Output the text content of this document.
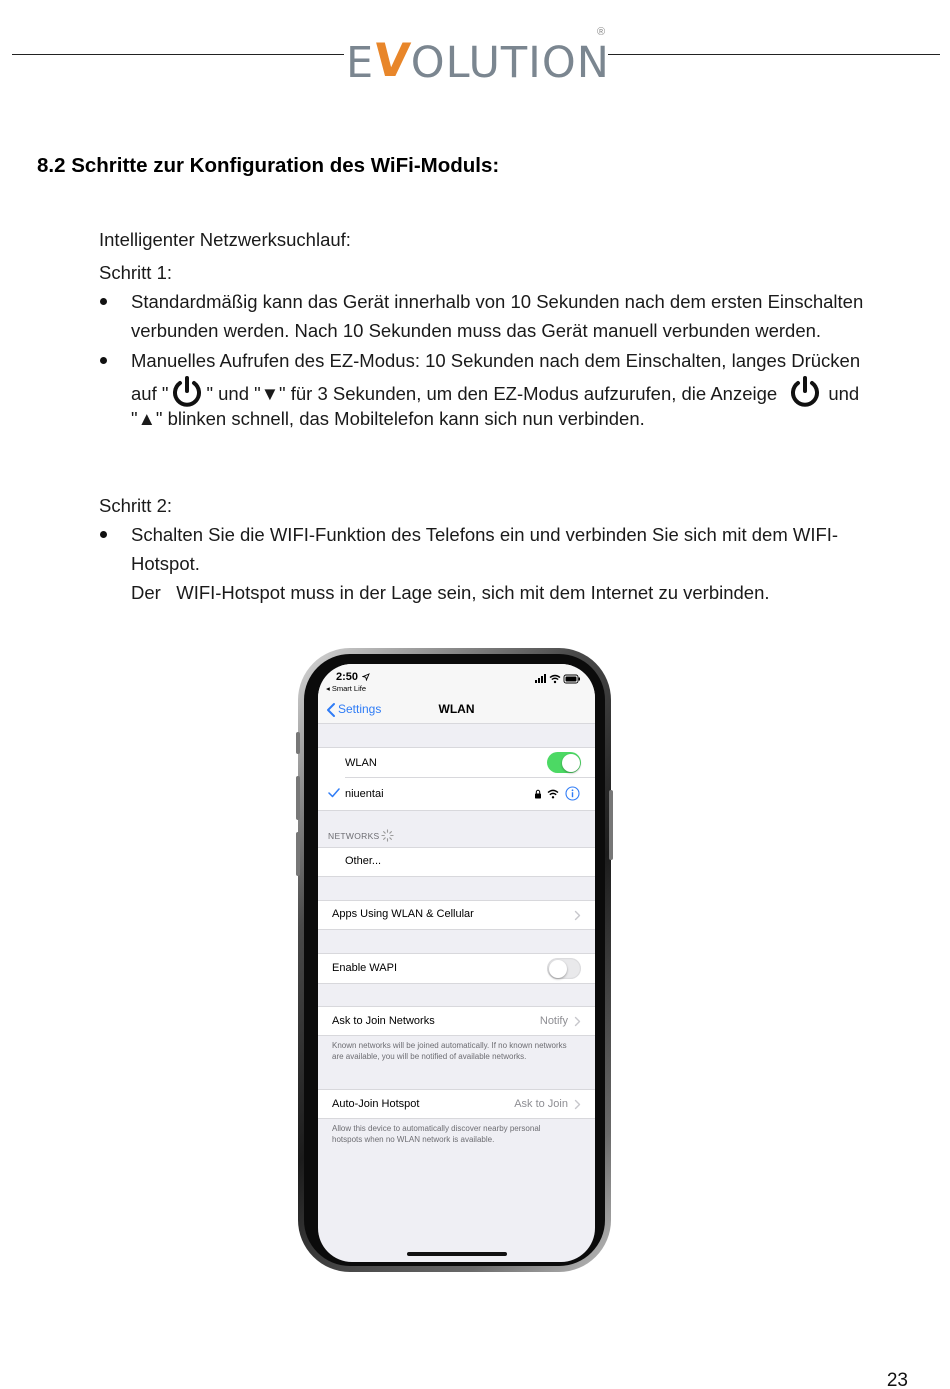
EVOLUTION
®
8.2 Schritte zur Konfiguration des WiFi-Moduls:
Intelligenter Netzwerksuchlauf:
Schritt 1:
Standardmäßig kann das Gerät innerhalb von 10 Sekunden nach dem ersten Einschalten
verbunden werden. Nach 10 Sekunden muss das Gerät manuell verbunden werden.
Manuelles Aufrufen des EZ-Modus: 10 Sekunden nach dem Einschalten, langes Drücken
auf " " und "▼" für 3 Sekunden, um den EZ-Modus aufzurufen, die Anzeige	und
"▲" blinken schnell, das Mobiltelefon kann sich nun verbinden.
Schritt 2:
Schalten Sie die WIFI-Funktion des Telefons ein und verbinden Sie sich mit dem WIFI-
Hotspot.
Der   WIFI-Hotspot muss in der Lage sein, sich mit dem Internet zu verbinden.
2:50
◂ Smart Life
Settings	WLAN
WLAN
niuentai
NETWORKS
Other...
Apps Using WLAN & Cellular
Enable WAPI
Ask to Join Networks	Notify
Known networks will be joined automatically. If no known networks are available, you will be notified of available networks.
Auto-Join Hotspot	Ask to Join
Allow this device to automatically discover nearby personal hotspots when no WLAN network is available.
23
